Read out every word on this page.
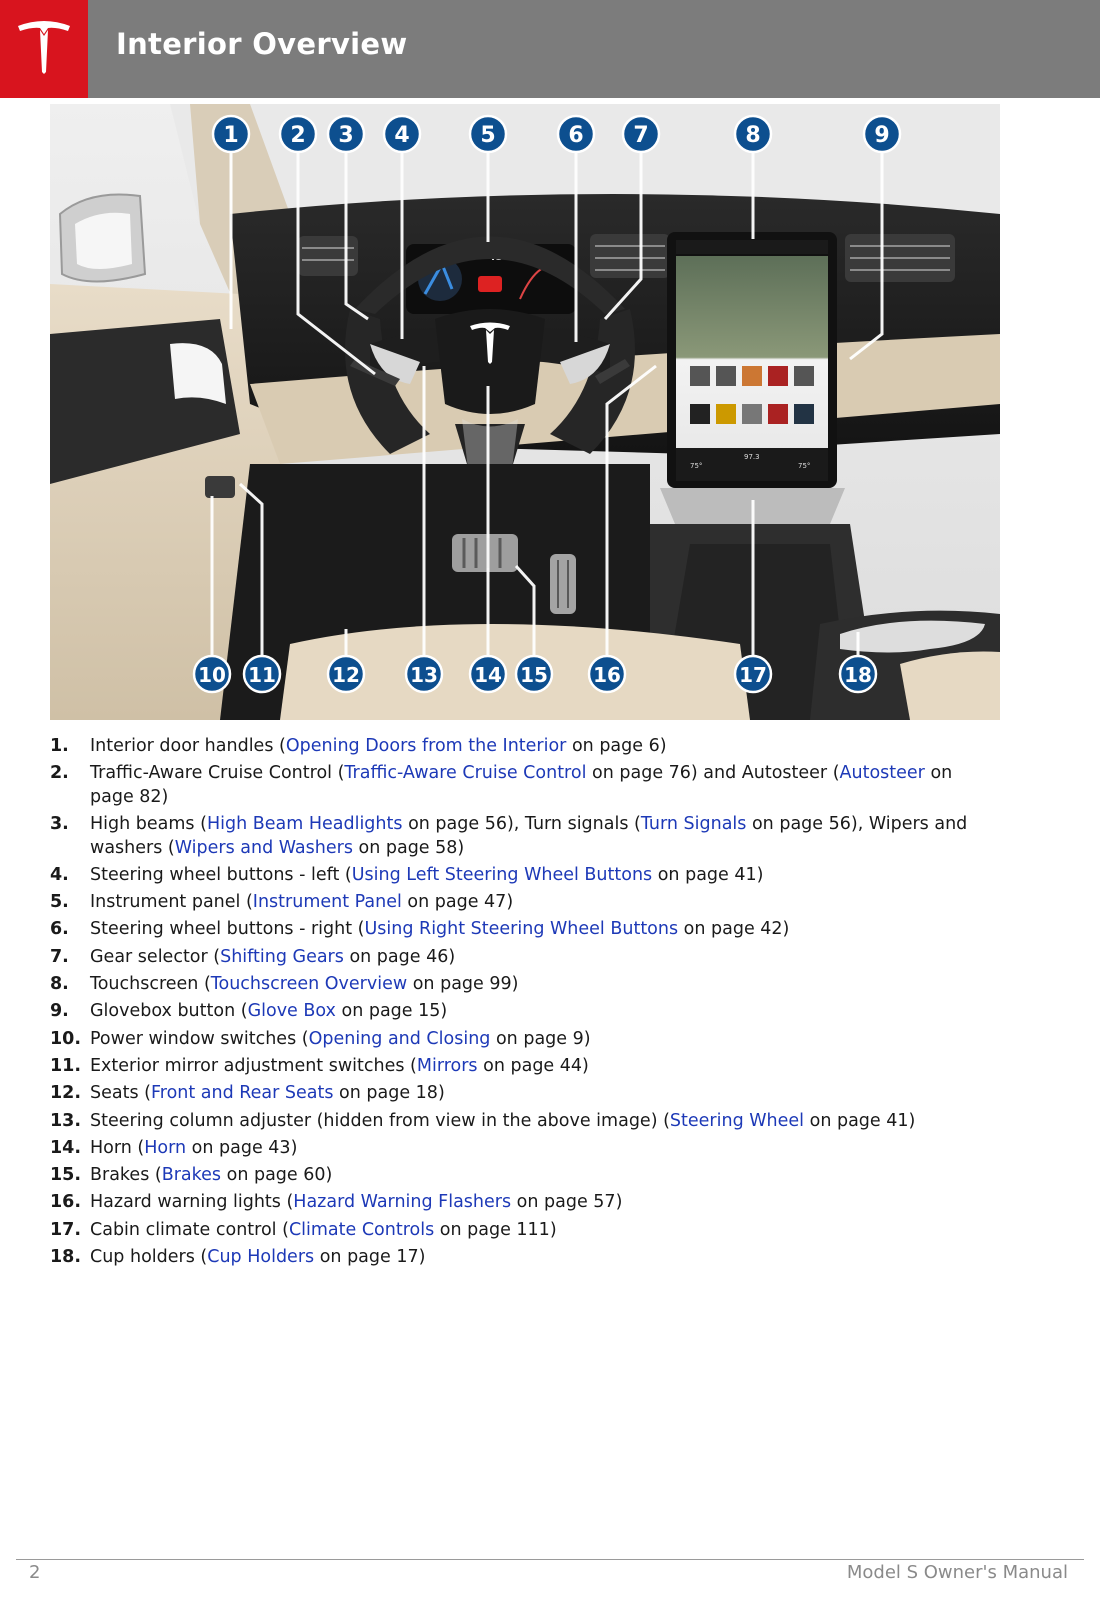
Interior Overview
75°
97.3
75°
1 2 3 4	5	6 7	8	9
10 11	12	13 14 15 16	17	18
1. Interior door handles (Opening Doors from the Interior on page 6)
2. Traffic-Aware Cruise Control (Traffic-Aware Cruise Control on page 76) and Autosteer (Autosteer on page 82)
3. High beams (High Beam Headlights on page 56), Turn signals (Turn Signals on page 56), Wipers and washers (Wipers and Washers on page 58)
4. Steering wheel buttons - left (Using Left Steering Wheel Buttons on page 41)
5. Instrument panel (Instrument Panel on page 47)
6. Steering wheel buttons - right (Using Right Steering Wheel Buttons on page 42)
7. Gear selector (Shifting Gears on page 46)
8. Touchscreen (Touchscreen Overview on page 99)
9. Glovebox button (Glove Box on page 15)
10. Power window switches (Opening and Closing on page 9)
11. Exterior mirror adjustment switches (Mirrors on page 44)
12. Seats (Front and Rear Seats on page 18)
13. Steering column adjuster (hidden from view in the above image) (Steering Wheel on page 41)
14. Horn (Horn on page 43)
15. Brakes (Brakes on page 60)
16. Hazard warning lights (Hazard Warning Flashers on page 57)
17. Cabin climate control (Climate Controls on page 111)
18. Cup holders (Cup Holders on page 17)
2	Model S Owner's Manual
